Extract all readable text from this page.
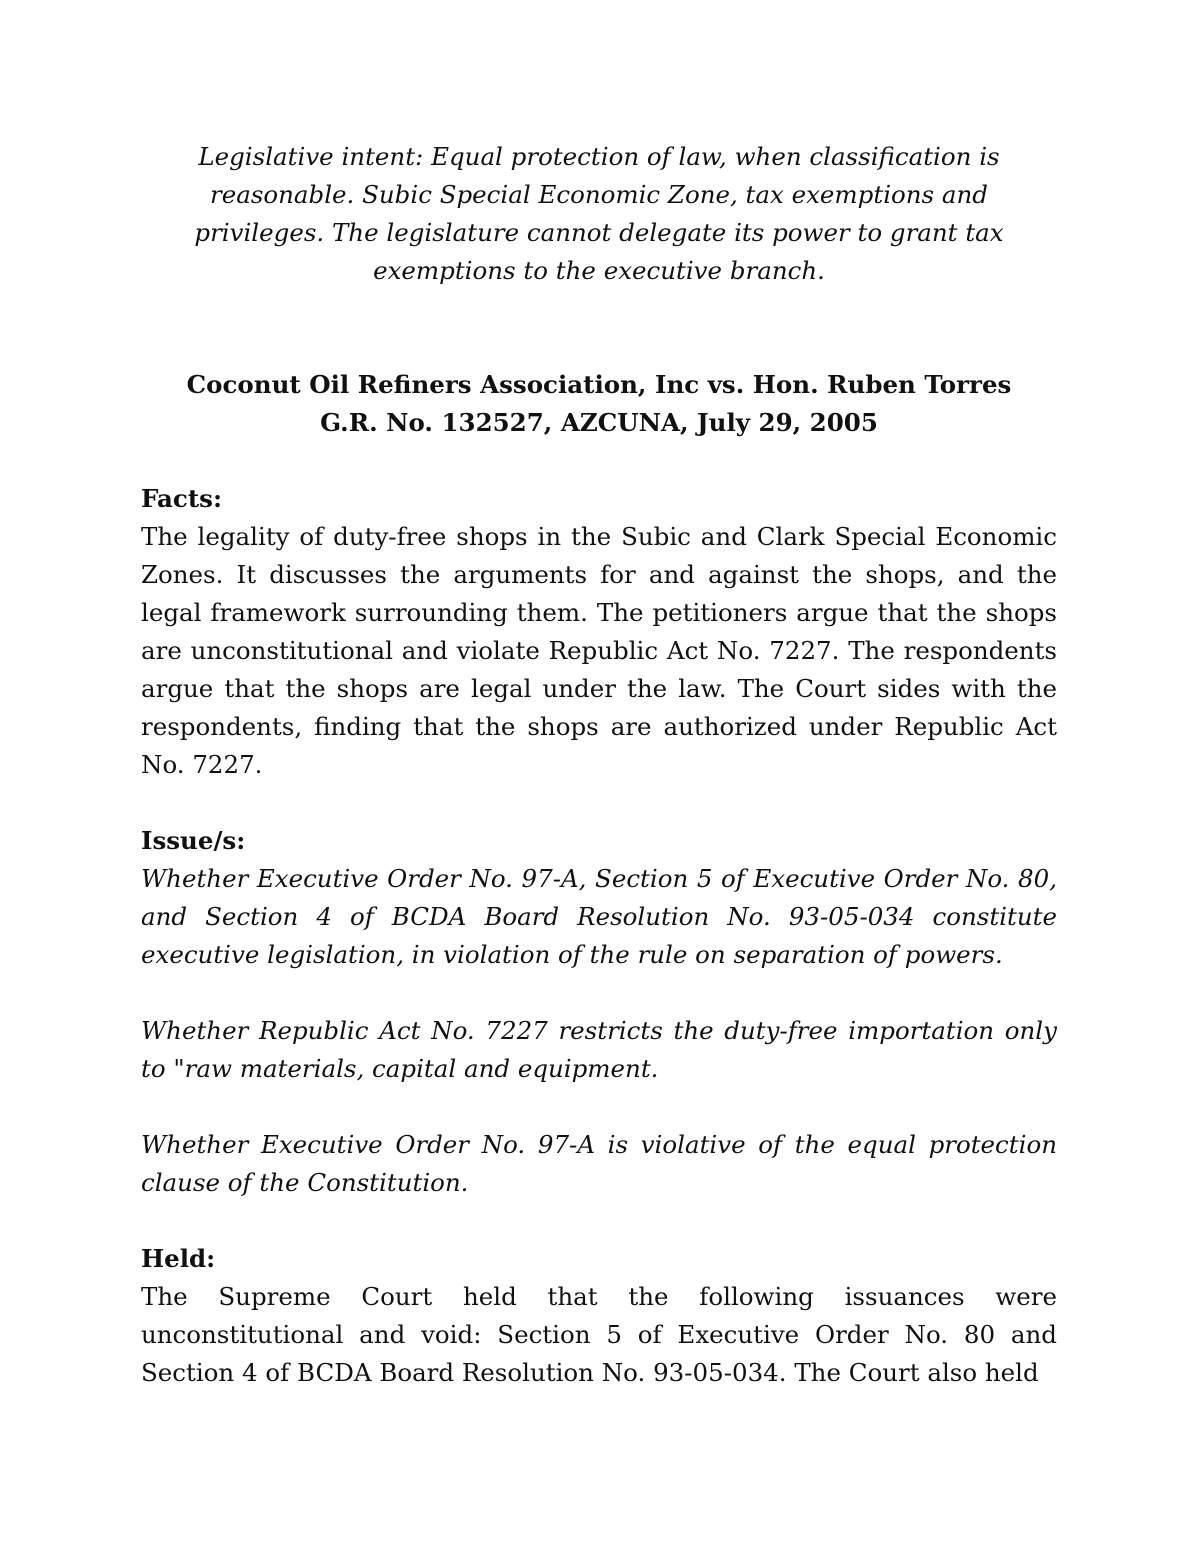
Legislative intent: Equal protection of law, when classification is reasonable. Subic Special Economic Zone, tax exemptions and privileges. The legislature cannot delegate its power to grant tax exemptions to the executive branch.

Coconut Oil Refiners Association, Inc vs. Hon. Ruben Torres
G.R. No. 132527, AZCUNA, July 29, 2005
Facts:

The legality of duty-free shops in the Subic and Clark Special Economic Zones. It discusses the arguments for and against the shops, and the legal framework surrounding them. The petitioners argue that the shops are unconstitutional and violate Republic Act No. 7227. The respondents argue that the shops are legal under the law. The Court sides with the respondents, finding that the shops are authorized under Republic Act No. 7227.

Issue/s:

Whether Executive Order No. 97-A, Section 5 of Executive Order No. 80, and Section 4 of BCDA Board Resolution No. 93-05-034 constitute executive legislation, in violation of the rule on separation of powers.

Whether Republic Act No. 7227 restricts the duty-free importation only to "raw materials, capital and equipment.

Whether Executive Order No. 97-A is violative of the equal protection clause of the Constitution.

Held:

The Supreme Court held that the following issuances were unconstitutional and void: Section 5 of Executive Order No. 80 and Section 4 of BCDA Board Resolution No. 93-05-034. The Court also held
